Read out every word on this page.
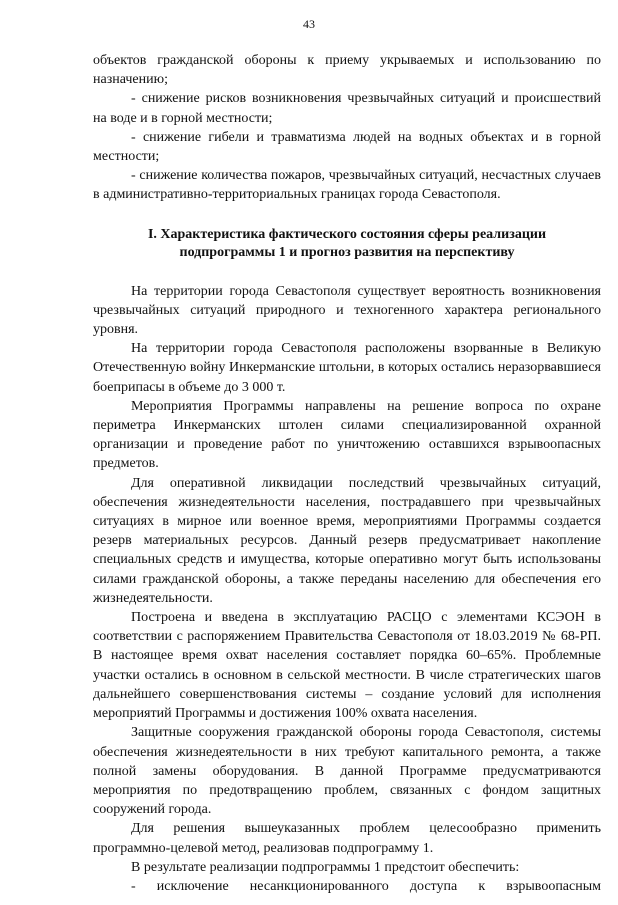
43

объектов гражданской обороны к приему укрываемых и использованию по назначению;

- снижение рисков возникновения чрезвычайных ситуаций и происшествий на воде и в горной местности;

- снижение гибели и травматизма людей на водных объектах и в горной местности;

- снижение количества пожаров, чрезвычайных ситуаций, несчастных случаев в административно-территориальных границах города Севастополя.

I. Характеристика фактического состояния сферы реализации
подпрограммы 1 и прогноз развития на перспективу

На территории города Севастополя существует вероятность возникновения чрезвычайных ситуаций природного и техногенного характера регионального уровня.

На территории города Севастополя расположены взорванные в Великую Отечественную войну Инкерманские штольни, в которых остались неразорвавшиеся боеприпасы в объеме до 3 000 т.

Мероприятия Программы направлены на решение вопроса по охране периметра Инкерманских штолен силами специализированной охранной организации и проведение работ по уничтожению оставшихся взрывоопасных предметов.

Для оперативной ликвидации последствий чрезвычайных ситуаций, обеспечения жизнедеятельности населения, пострадавшего при чрезвычайных ситуациях в мирное или военное время, мероприятиями Программы создается резерв материальных ресурсов. Данный резерв предусматривает накопление специальных средств и имущества, которые оперативно могут быть использованы силами гражданской обороны, а также переданы населению для обеспечения его жизнедеятельности.

Построена и введена в эксплуатацию РАСЦО с элементами КСЭОН в соответствии с распоряжением Правительства Севастополя от 18.03.2019 № 68-РП. В настоящее время охват населения составляет порядка 60–65%. Проблемные участки остались в основном в сельской местности. В числе стратегических шагов дальнейшего совершенствования системы – создание условий для исполнения мероприятий Программы и достижения 100% охвата населения.

Защитные сооружения гражданской обороны города Севастополя, системы обеспечения жизнедеятельности в них требуют капитального ремонта, а также полной замены оборудования. В данной Программе предусматриваются мероприятия по предотвращению проблем, связанных с фондом защитных сооружений города.

Для решения вышеуказанных проблем целесообразно применить программно-целевой метод, реализовав подпрограмму 1.

В результате реализации подпрограммы 1 предстоит обеспечить:

- исключение несанкционированного доступа к взрывоопасным
